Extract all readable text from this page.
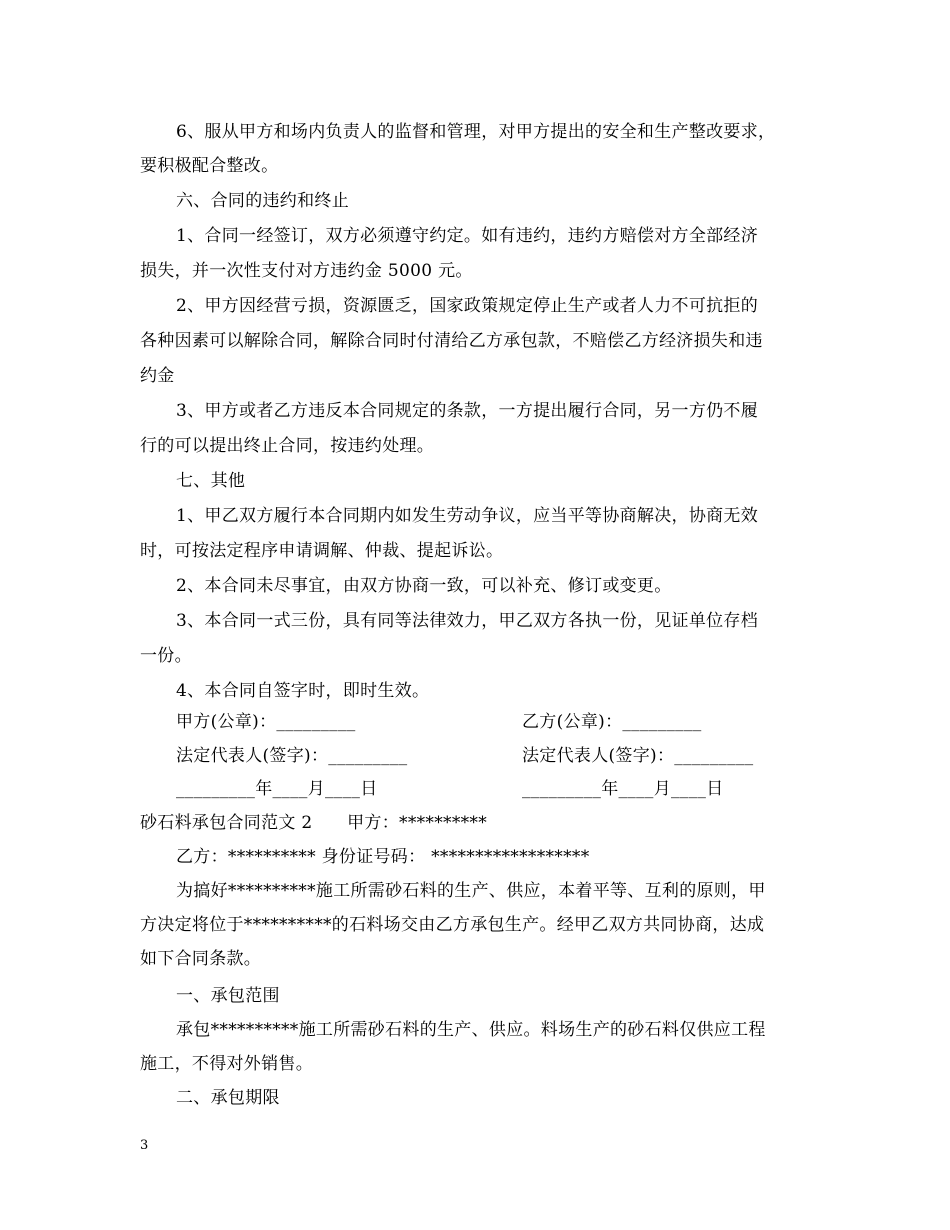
6、服从甲方和场内负责人的监督和管理，对甲方提出的安全和生产整改要求，
要积极配合整改。
六、合同的违约和终止
1、合同一经签订，双方必须遵守约定。如有违约，违约方赔偿对方全部经济
损失，并一次性支付对方违约金 5000 元。
2、甲方因经营亏损，资源匮乏，国家政策规定停止生产或者人力不可抗拒的
各种因素可以解除合同，解除合同时付清给乙方承包款，不赔偿乙方经济损失和违
约金
3、甲方或者乙方违反本合同规定的条款，一方提出履行合同，另一方仍不履
行的可以提出终止合同，按违约处理。
七、其他
1、甲乙双方履行本合同期内如发生劳动争议，应当平等协商解决，协商无效
时，可按法定程序申请调解、仲裁、提起诉讼。
2、本合同未尽事宜，由双方协商一致，可以补充、修订或变更。
3、本合同一式三份，具有同等法律效力，甲乙双方各执一份，见证单位存档
一份。
4、本合同自签字时，即时生效。
甲方(公章)：_________	乙方(公章)：_________
法定代表人(签字)：_________	法定代表人(签字)：_________
_________年____月____日	_________年____月____日
砂石料承包合同范文 2　　甲方：**********
乙方：********** 身份证号码： ******************
为搞好**********施工所需砂石料的生产、供应，本着平等、互利的原则，甲
方决定将位于**********的石料场交由乙方承包生产。经甲乙双方共同协商，达成
如下合同条款。
一、承包范围
承包**********施工所需砂石料的生产、供应。料场生产的砂石料仅供应工程
施工，不得对外销售。
二、承包期限
3
